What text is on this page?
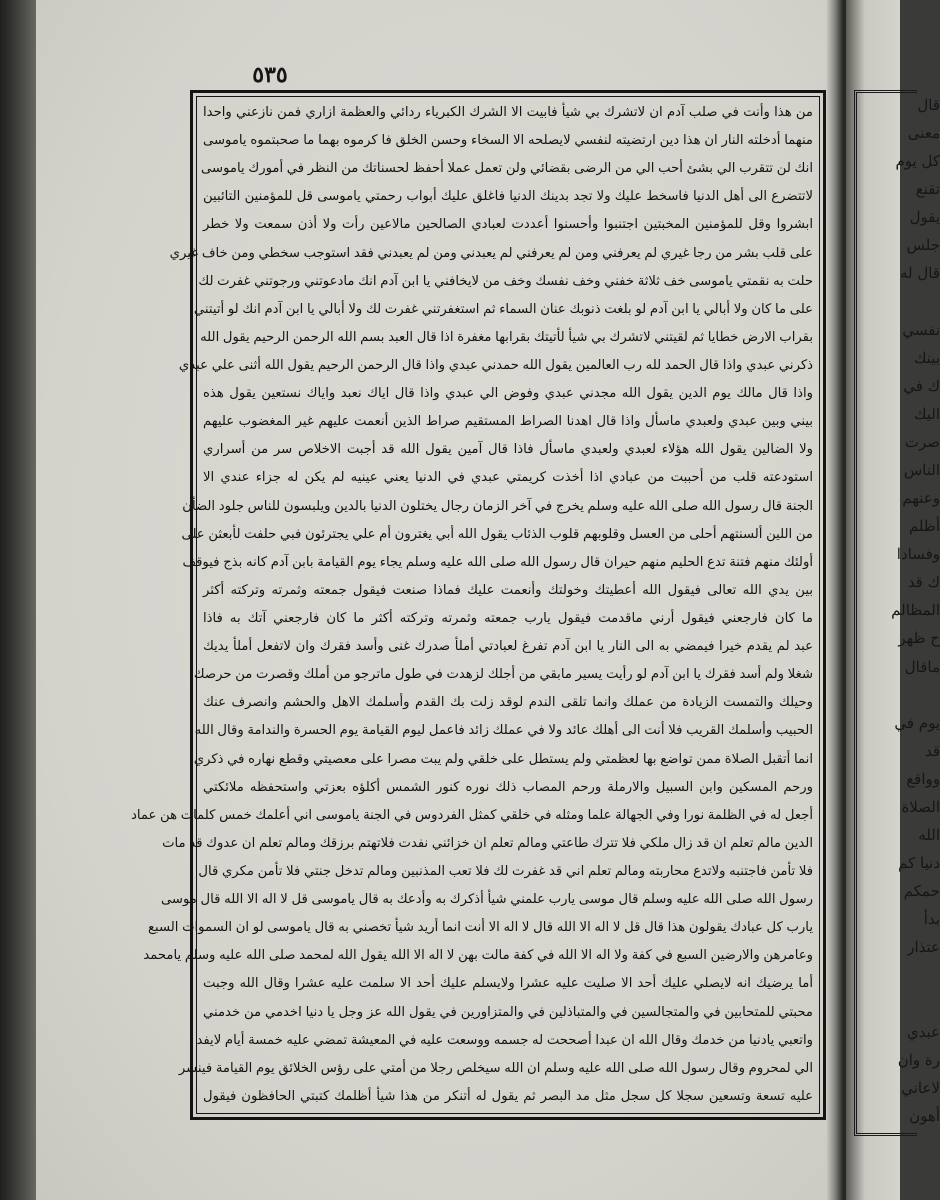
٥٣٥
من هذا وأنت في صلب آدم ان لاتشرك بي شيأ فابيت الا الشرك الكبرياء ردائي والعظمة ازاري فمن نازعني واحدا
منهما أدخلته النار ان هذا دين ارتضيته لنفسي لايصلحه الا السخاء وحسن الخلق فا كرموه بهما ما صحبتموه ياموسى
انك لن تتقرب الي بشئ أحب الي من الرضى بقضائي ولن تعمل عملا أحفظ لحسناتك من النظر في أمورك ياموسى
لاتتضرع الى أهل الدنيا فاسخط عليك ولا تجد بدينك الدنيا فاغلق عليك أبواب رحمتي ياموسى قل للمؤمنين التائبين
ابشروا وقل للمؤمنين المخبتين اجتنبوا وأحسنوا أعددت لعبادي الصالحين مالاعين رأت ولا أذن سمعت ولا خطر
على قلب بشر من رجا غيري لم يعرفني ومن لم يعرفني لم يعبدني ومن لم يعبدني فقد استوجب سخطي ومن خاف غيري
حلت به نقمتي ياموسى خف ثلاثة خفني وخف نفسك وخف من لايخافني يا ابن آدم انك مادعوتني ورجوتني غفرت لك
على ما كان ولا أبالي يا ابن آدم لو بلغت ذنوبك عنان السماء ثم استغفرتني غفرت لك ولا أبالي يا ابن آدم انك لو أتيتني
بقراب الارض خطايا ثم لقيتني لاتشرك بي شيأ لأتيتك بقرابها مغفرة اذا قال العبد بسم الله الرحمن الرحيم يقول الله
ذكرني عبدي واذا قال الحمد لله رب العالمين يقول الله حمدني عبدي واذا قال الرحمن الرحيم يقول الله أثنى علي عبدي
واذا قال مالك يوم الدين يقول الله مجدني عبدي وفوض الي عبدي واذا قال اياك نعبد واياك نستعين يقول هذه
بيني وبين عبدي ولعبدي ماسأل واذا قال اهدنا الصراط المستقيم صراط الذين أنعمت عليهم غير المغضوب عليهم
ولا الضالين يقول الله هؤلاء لعبدي ولعبدي ماسأل فاذا قال آمين يقول الله قد أجبت الاخلاص سر من أسراري
استودعته قلب من أحببت من عبادي اذا أخذت كريمتي عبدي في الدنيا يعني عينيه لم يكن له جزاء عندي الا
الجنة قال رسول الله صلى الله عليه وسلم يخرج في آخر الزمان رجال يختلون الدنيا بالدين ويلبسون للناس جلود الضأن
من اللين ألسنتهم أحلى من العسل وقلوبهم قلوب الذئاب يقول الله أبي يغترون أم علي يجترئون فبي حلفت لأبعثن على
أولئك منهم فتنة تدع الحليم منهم حيران قال رسول الله صلى الله عليه وسلم يجاء يوم القيامة بابن آدم كانه بذج فيوقف
بين يدي الله تعالى فيقول الله أعطيتك وخولتك وأنعمت عليك فماذا صنعت فيقول جمعته وثمرته وتركته أكثر
ما كان فارجعني فيقول أرني ماقدمت فيقول يارب جمعته وثمرته وتركته أكثر ما كان فارجعني آتك به فاذا
عبد لم يقدم خيرا فيمضي به الى النار يا ابن آدم تفرغ لعبادتي أملأ صدرك غنى وأسد فقرك وان لاتفعل أملأ يديك
شغلا ولم أسد فقرك يا ابن آدم لو رأيت يسير مابقي من أجلك لزهدت في طول ماترجو من أملك وقصرت من حرصك
وحيلك والتمست الزيادة من عملك وانما تلقى الندم لوقد زلت بك القدم وأسلمك الاهل والحشم وانصرف عنك
الحبيب وأسلمك القريب فلا أنت الى أهلك عائد ولا في عملك زائد فاعمل ليوم القيامة يوم الحسرة والندامة وقال الله
انما أتقبل الصلاة ممن تواضع بها لعظمتي ولم يستطل على خلقي ولم يبت مصرا على معصيتي وقطع نهاره في ذكري
ورحم المسكين وابن السبيل والارملة ورحم المصاب ذلك نوره كنور الشمس أكلؤه بعزتي واستحفظه ملائكتي
أجعل له في الظلمة نورا وفي الجهالة علما ومثله في خلقي كمثل الفردوس في الجنة ياموسى اني أعلمك خمس كلمات هن عماد
الدين مالم تعلم ان قد زال ملكي فلا تترك طاعتي ومالم تعلم ان خزائني نفدت فلاتهتم برزقك ومالم تعلم ان عدوك قد مات
فلا تأمن فاجتنبه ولاتدع محاربته ومالم تعلم اني قد غفرت لك فلا تعب المذنبين ومالم تدخل جنتي فلا تأمن مكري قال
رسول الله صلى الله عليه وسلم قال موسى يارب علمني شيأ أذكرك به وأدعك به قال ياموسى قل لا اله الا الله قال موسى
يارب كل عبادك يقولون هذا قال قل لا اله الا الله قال لا اله الا أنت انما أريد شيأ تخصني به قال ياموسى لو ان السموات السبع
وعامرهن والارضين السبع في كفة ولا اله الا الله في كفة مالت بهن لا اله الا الله يقول الله لمحمد صلى الله عليه وسلم يامحمد
أما يرضيك انه لايصلي عليك أحد الا صليت عليه عشرا ولايسلم عليك أحد الا سلمت عليه عشرا وقال الله وجبت
محبتي للمتحابين في والمتجالسين في والمتباذلين في والمتزاورين في يقول الله عز وجل يا دنيا اخدمي من خدمني
واتعبي يادنيا من خدمك وقال الله ان عبدا أصححت له جسمه ووسعت عليه في المعيشة تمضي عليه خمسة أيام لايفد
الي لمحروم وقال رسول الله صلى الله عليه وسلم ان الله سيخلص رجلا من أمتي على رؤس الخلائق يوم القيامة فينشر
عليه تسعة وتسعين سجلا كل سجل مثل مد البصر ثم يقول له أتنكر من هذا شيأ أظلمك كتبتي الحافظون فيقول
قال
معنى
كل يوم
تقنع
يقول
جلس
قال له
نفسي
بينك
ك في
اليك
صرت
الناس
وعنهم
أظلم
وفسادا
ك قد
المظالم
ح ظهر
ماقال
يوم في
قد
وواقع
الصلاة
الله
دنيا كم
حمكم
بدأ
عتذار
عبدي
رة وان
لاعاني
أهون
